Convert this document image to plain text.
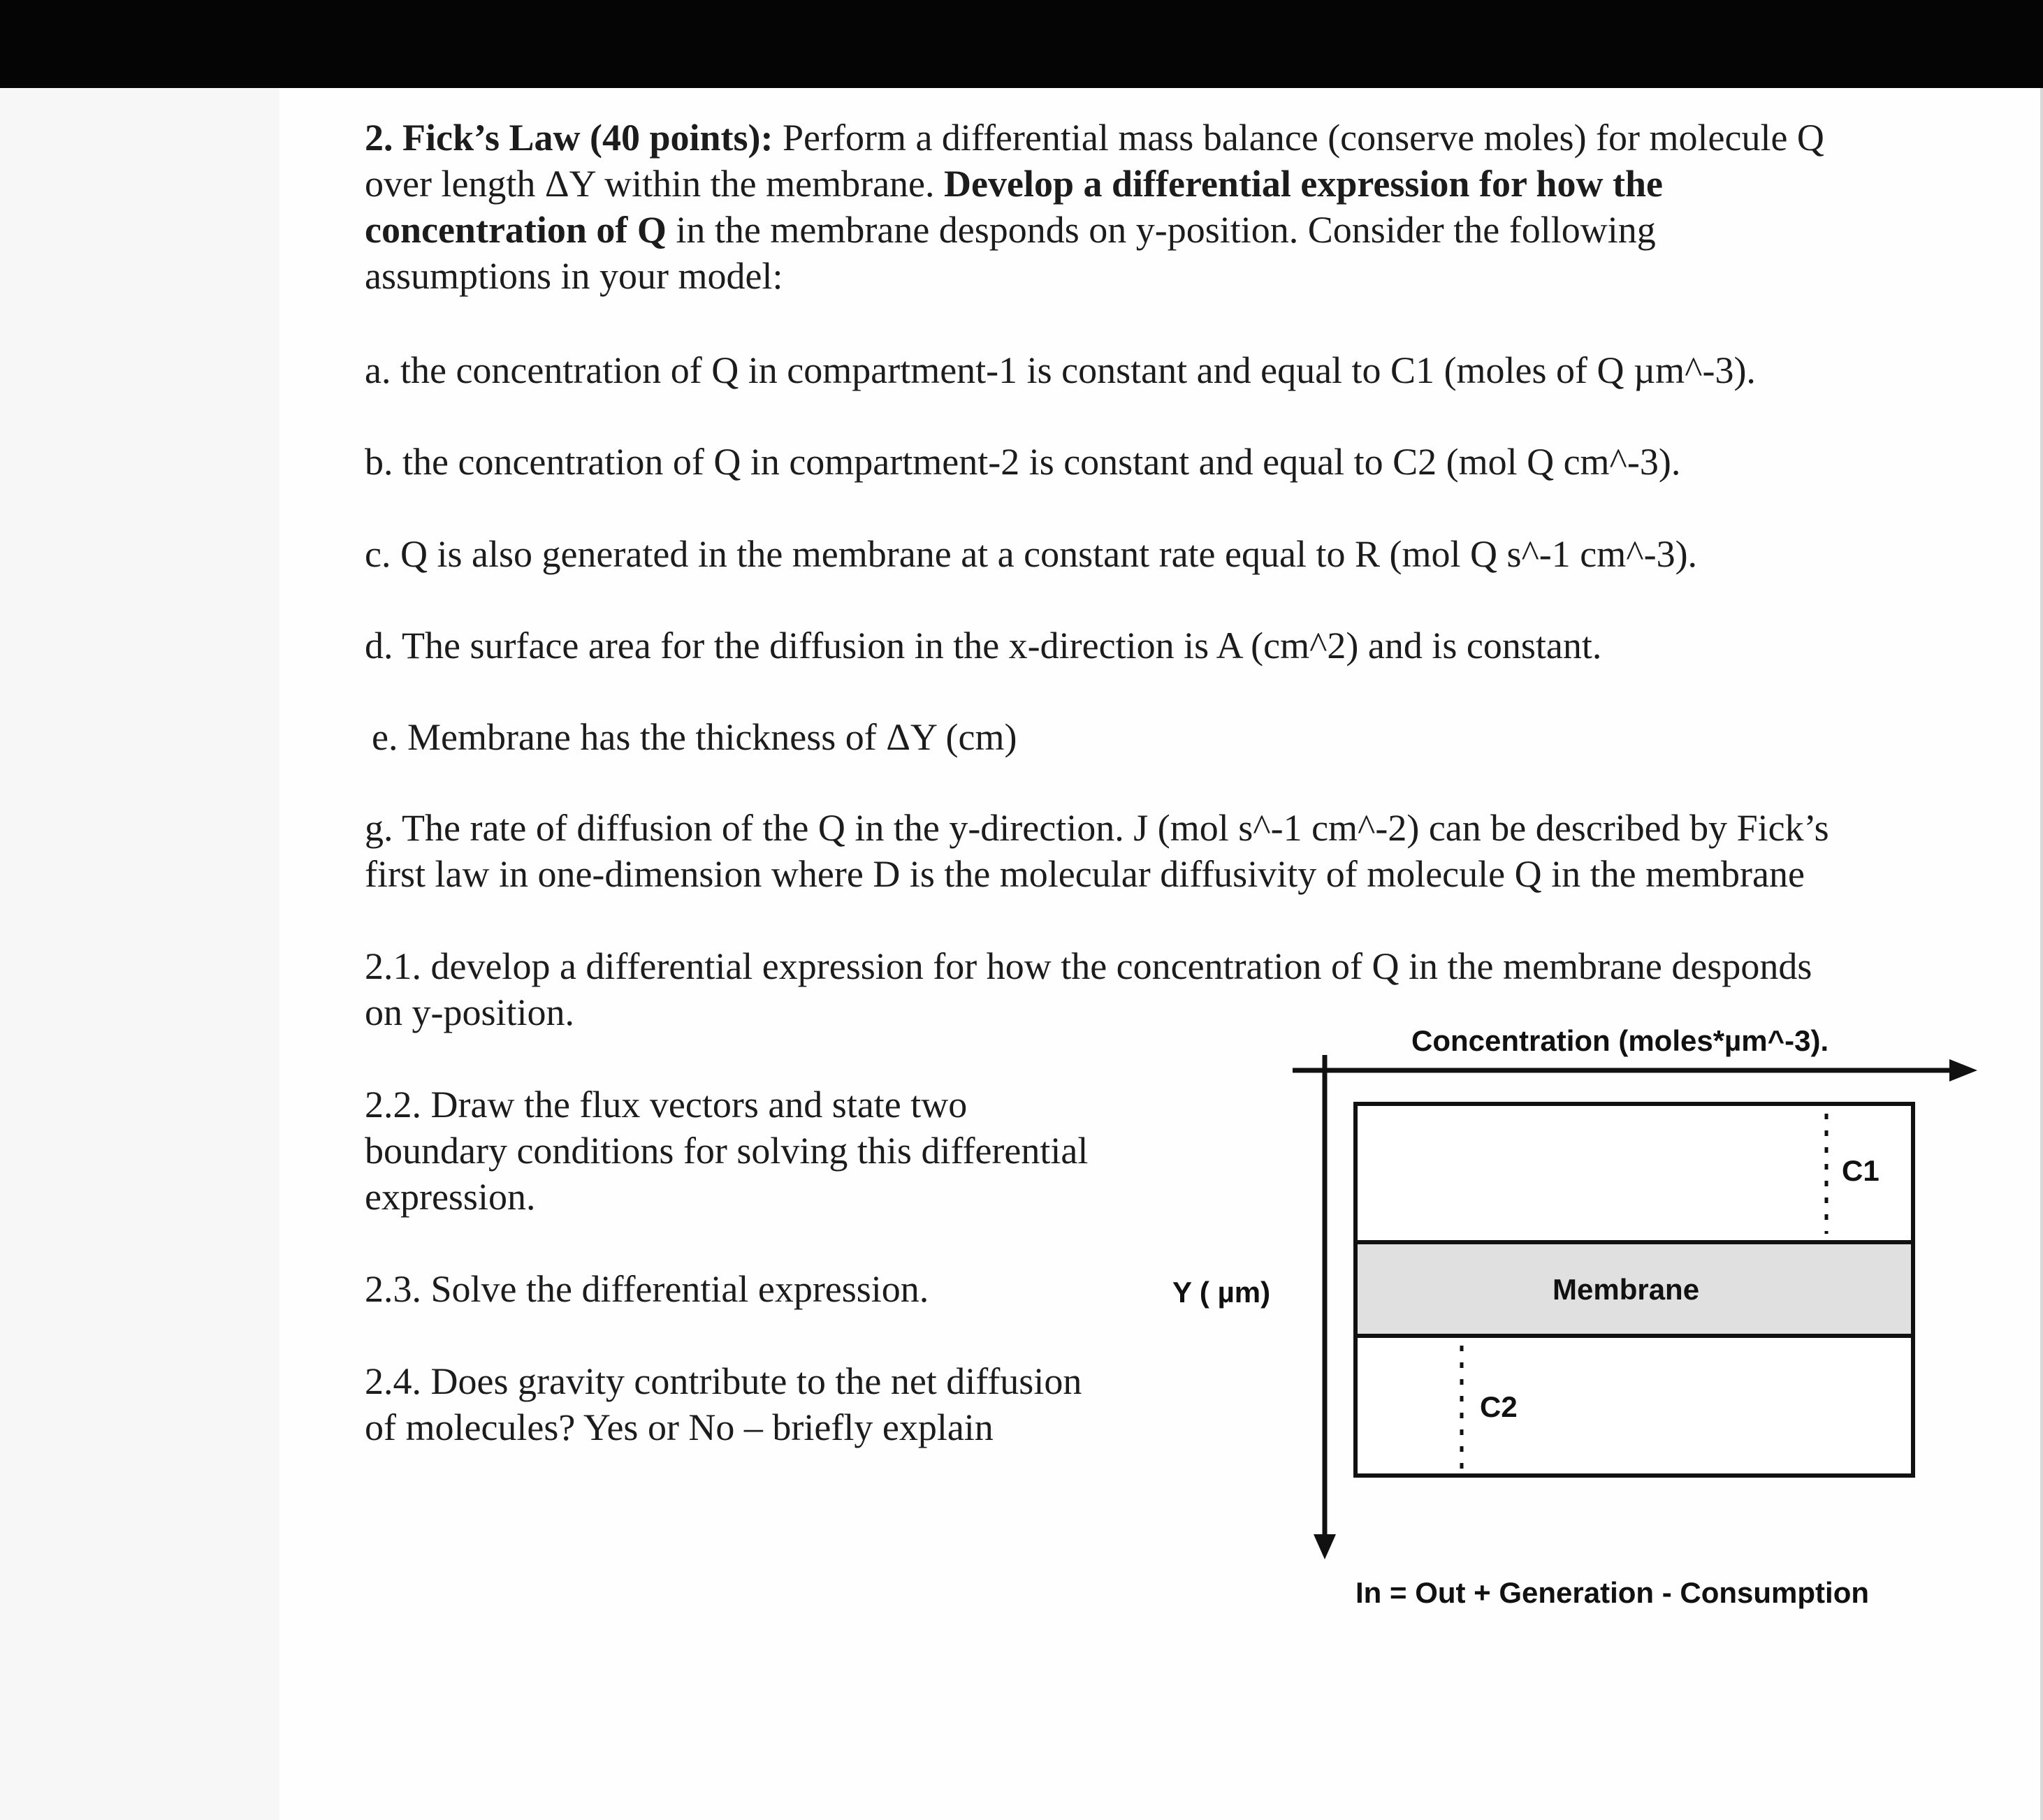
2. Fick’s Law (40 points): Perform a differential mass balance (conserve moles) for molecule Q

over length ΔY within the membrane. Develop a differential expression for how the

concentration of Q in the membrane desponds on y-position. Consider the following

assumptions in your model:

a. the concentration of Q in compartment-1 is constant and equal to C1 (moles of Q µm^-3).

b. the concentration of Q in compartment-2 is constant and equal to C2 (mol Q cm^-3).

c. Q is also generated in the membrane at a constant rate equal to R (mol Q s^-1 cm^-3).

d. The surface area for the diffusion in the x-direction is A (cm^2) and is constant.

e. Membrane has the thickness of ΔY (cm)

g. The rate of diffusion of the Q in the y-direction. J (mol s^-1 cm^-2) can be described by Fick’s

first law in one-dimension where D is the molecular diffusivity of molecule Q in the membrane

2.1. develop a differential expression for how the concentration of Q in the membrane desponds

on y-position.

2.2. Draw the flux vectors and state two

boundary conditions for solving this differential

expression.

2.3. Solve the differential expression.

2.4. Does gravity contribute to the net diffusion

of molecules? Yes or No – briefly explain

Concentration (moles*µm^-3).
Y ( µm)
C1
Membrane
C2
In = Out + Generation - Consumption
